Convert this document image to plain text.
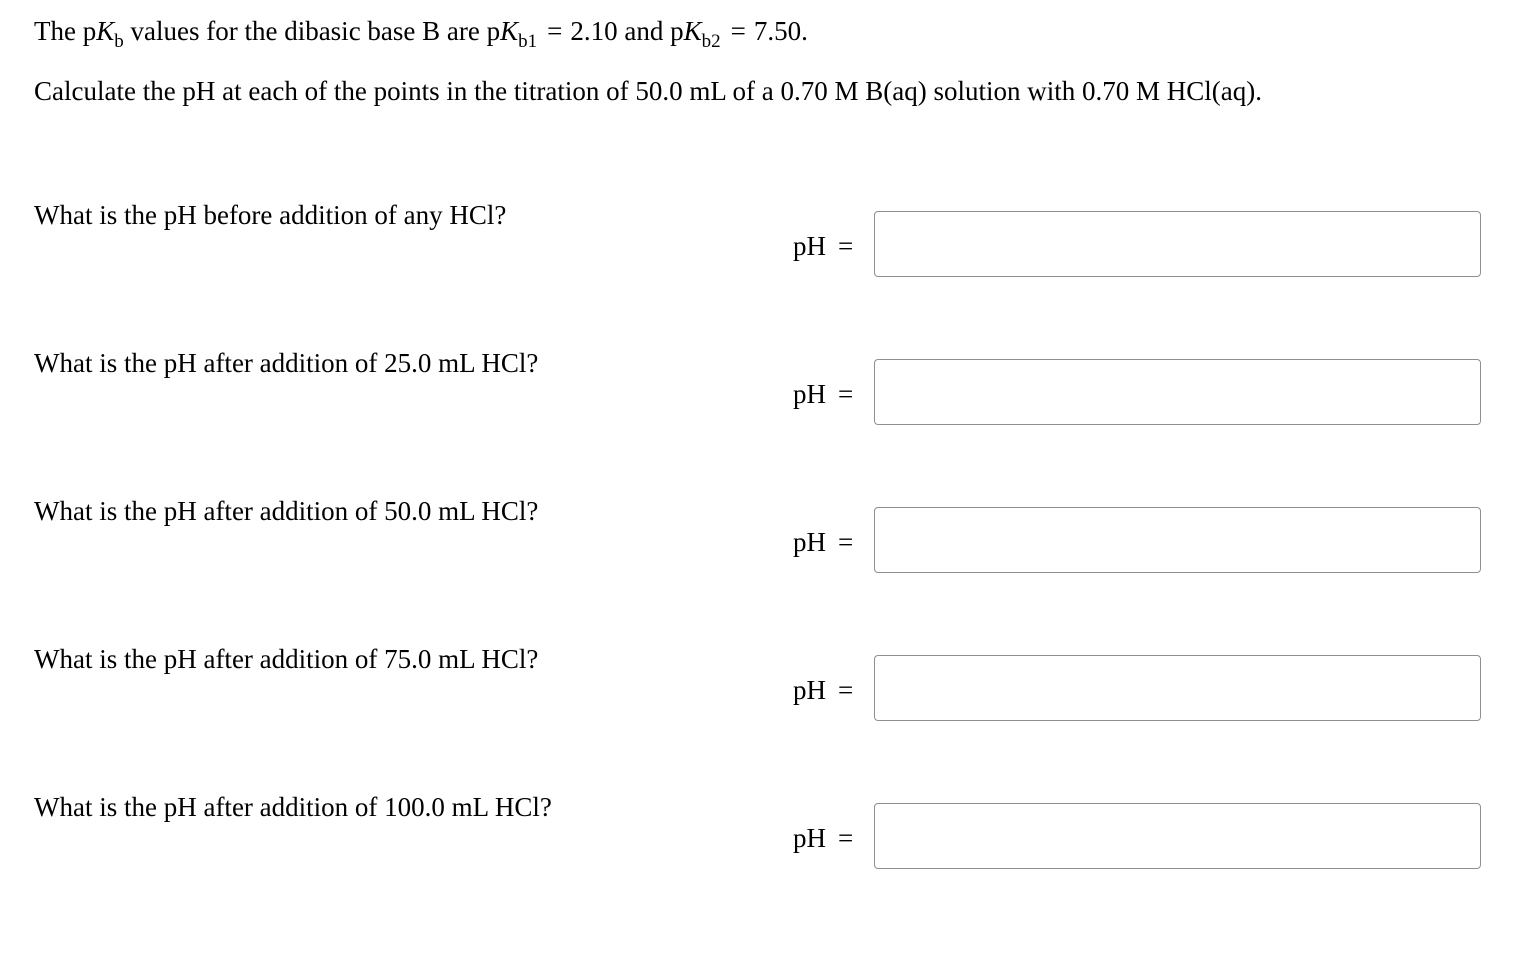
The $pK_b$ values for the dibasic base B are $pK_{b1} = 2.10$ and $pK_{b2} = 7.50$.
Calculate the pH at each of the points in the titration of 50.0 mL of a 0.70 M B(aq) solution with 0.70 M HCl(aq).
What is the pH before addition of any HCl?
pH =
What is the pH after addition of 25.0 mL HCl?
pH =
What is the pH after addition of 50.0 mL HCl?
pH =
What is the pH after addition of 75.0 mL HCl?
pH =
What is the pH after addition of 100.0 mL HCl?
pH =
